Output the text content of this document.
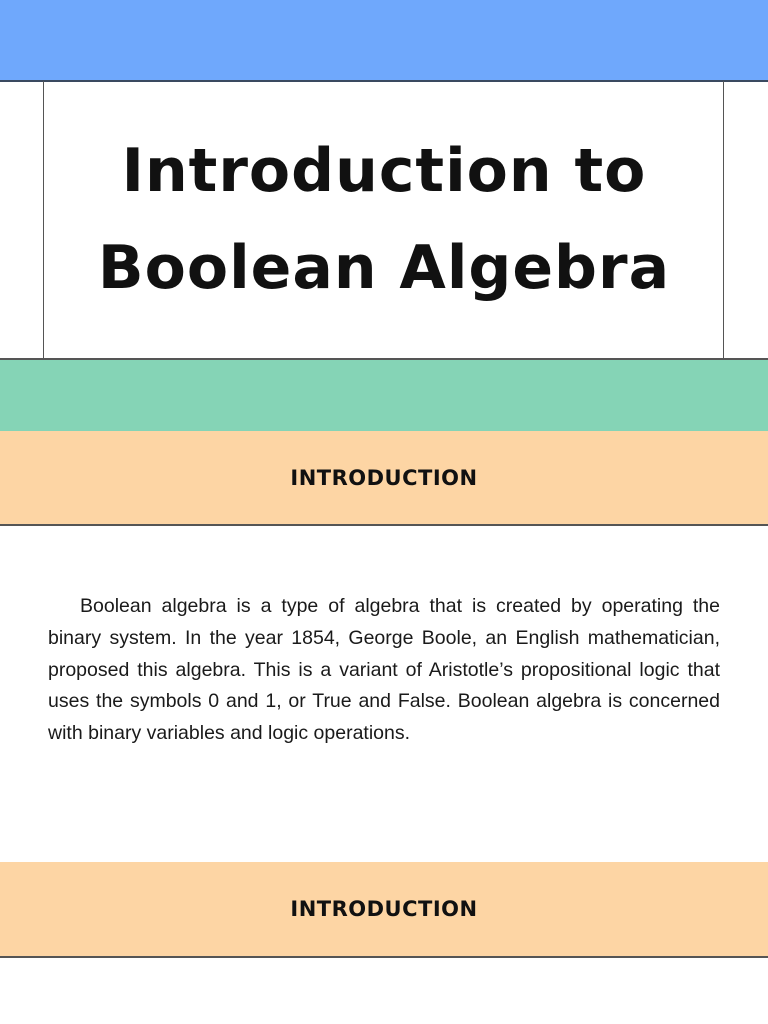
Introduction to Boolean Algebra
INTRODUCTION

Boolean algebra is a type of algebra that is created by operating the binary system. In the year 1854, George Boole, an English mathematician, proposed this algebra. This is a variant of Aristotle’s propositional logic that uses the symbols 0 and 1, or True and False. Boolean algebra is concerned with binary variables and logic operations.

INTRODUCTION
